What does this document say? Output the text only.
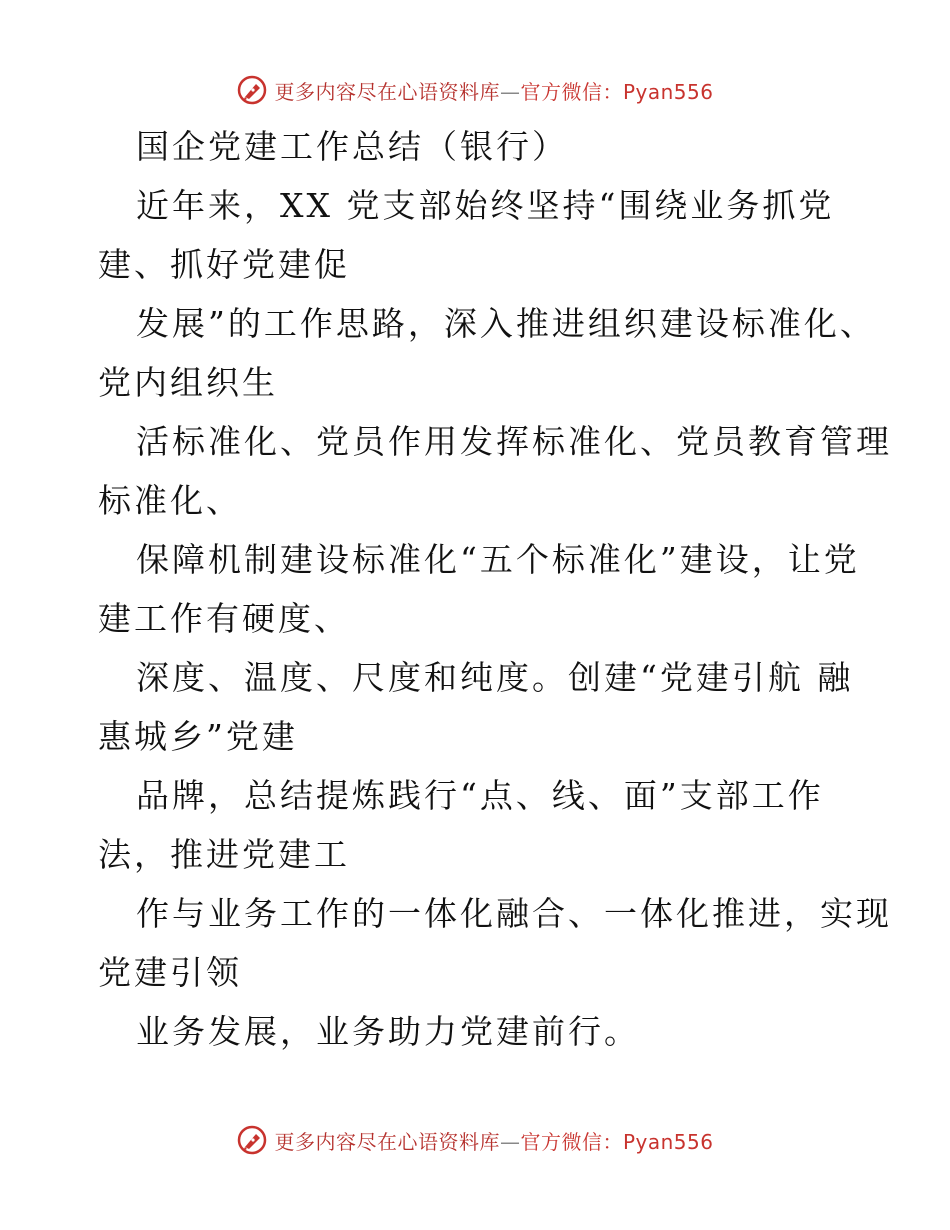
更多内容尽在心语资料库—官方微信：Pyan556
国企党建工作总结（银行）
近年来，XX 党支部始终坚持“围绕业务抓党
建、抓好党建促
发展”的工作思路，深入推进组织建设标准化、
党内组织生
活标准化、党员作用发挥标准化、党员教育管理
标准化、
保障机制建设标准化“五个标准化”建设，让党
建工作有硬度、
深度、温度、尺度和纯度。创建“党建引航 融
惠城乡”党建
品牌，总结提炼践行“点、线、面”支部工作
法，推进党建工
作与业务工作的一体化融合、一体化推进，实现
党建引领
业务发展，业务助力党建前行。
更多内容尽在心语资料库—官方微信：Pyan556
